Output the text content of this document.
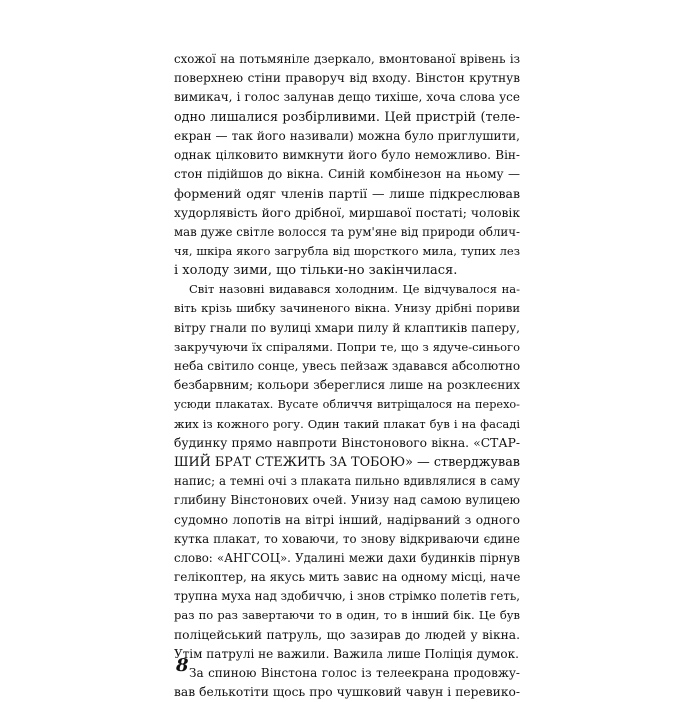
схожої на потьмяніле дзеркало, вмонтованої врівень із
поверхнею стіни праворуч від входу. Вінстон крутнув
вимикач, і голос залунав дещо тихіше, хоча слова усе
одно лишалися розбірливими. Цей пристрій (теле-
екран — так його називали) можна було приглушити,
однак цілковито вимкнути його було неможливо. Він-
стон підійшов до вікна. Синій комбінезон на ньому —
формений одяг членів партії — лише підкреслював
худорлявість його дрібної, миршавої постаті; чоловік
мав дуже світле волосся та рум'яне від природи облич-
чя, шкіра якого загрубла від шорсткого мила, тупих лез
і холоду зими, що тільки-но закінчилася.
Світ назовні видавався холодним. Це відчувалося на-
віть крізь шибку зачиненого вікна. Унизу дрібні пориви
вітру гнали по вулиці хмари пилу й клаптиків паперу,
закручуючи їх спіралями. Попри те, що з ядуче-синього
неба світило сонце, увесь пейзаж здавався абсолютно
безбарвним; кольори збереглися лише на розклеєних
усюди плакатах. Вусате обличчя витріщалося на перехо-
жих із кожного рогу. Один такий плакат був і на фасаді
будинку прямо навпроти Вінстонового вікна. «СТАР-
ШИЙ БРАТ СТЕЖИТЬ ЗА ТОБОЮ» — стверджував
напис; а темні очі з плаката пильно вдивлялися в саму
глибину Вінстонових очей. Унизу над самою вулицею
судомно лопотів на вітрі інший, надірваний з одного
кутка плакат, то ховаючи, то знову відкриваючи єдине
слово: «АНГСОЦ». Удалині межи дахи будинків пірнув
гелікоптер, на якусь мить завис на одному місці, наче
трупна муха над здобиччю, і знов стрімко полетів геть,
раз по раз завертаючи то в один, то в інший бік. Це був
поліцейський патруль, що зазирав до людей у вікна.
Утім патрулі не важили. Важила лише Поліція думок.
За спиною Вінстона голос із телеекрана продовжу-
вав белькотіти щось про чушковий чавун і перевико-
8
